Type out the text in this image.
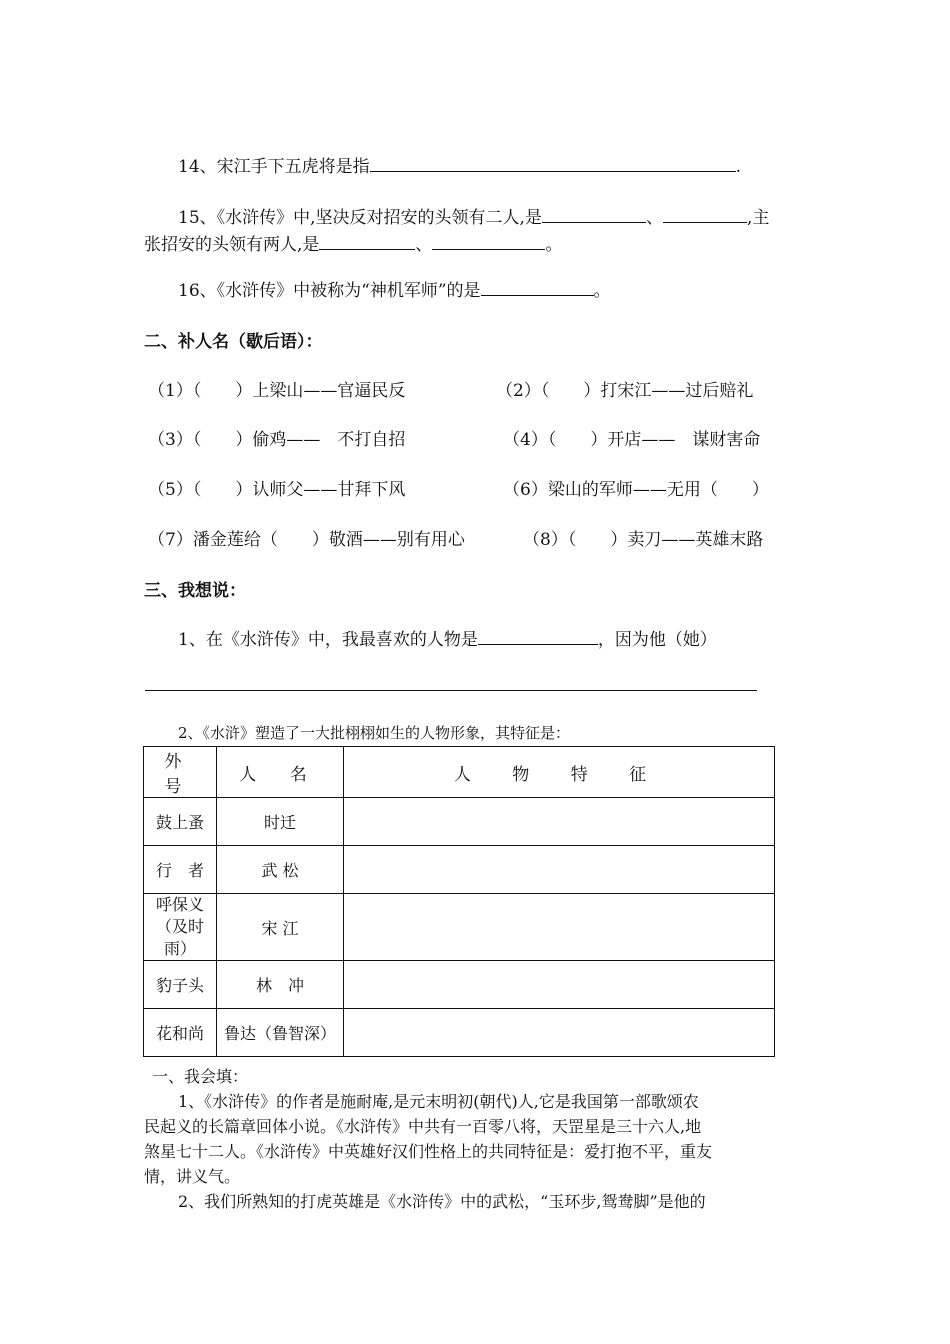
14、宋江手下五虎将是指	.
15、《水浒传》中,坚决反对招安的头领有二人,是	、	,主
张招安的头领有两人,是	、	。
16、《水浒传》中被称为“神机军师”的是	。
二、补人名（歇后语）：
（1）（　　）上梁山——官逼民反	（2）（　　）打宋江——过后赔礼
（3）（　　）偷鸡——　不打自招	（4）（　　）开店——　谋财害命
（5）（　　）认师父——甘拜下风	（6）梁山的军师——无用（　　）
（7）潘金莲给（　　）敬酒——别有用心	（8）（　　）卖刀——英雄末路
三、我想说：
1、在《水浒传》中，我最喜欢的人物是	，因为他（她）
2、《水浒》塑造了一大批栩栩如生的人物形象，其特征是：
外 号	人 名	人 物 特 征
鼓上蚤	时迁	
行　者	武 松	

呼保义
（及时雨）	宋 江	
豹子头	林　冲	
花和尚	鲁达（鲁智深）	
一、我会填：
1、《水浒传》的作者是施耐庵,是元末明初(朝代)人,它是我国第一部歌颂农
民起义的长篇章回体小说。《水浒传》中共有一百零八将，天罡星是三十六人,地
煞星七十二人。《水浒传》中英雄好汉们性格上的共同特征是：爱打抱不平，重友
情，讲义气。
2、我们所熟知的打虎英雄是《水浒传》中的武松，“玉环步,鸳鸯脚”是他的
